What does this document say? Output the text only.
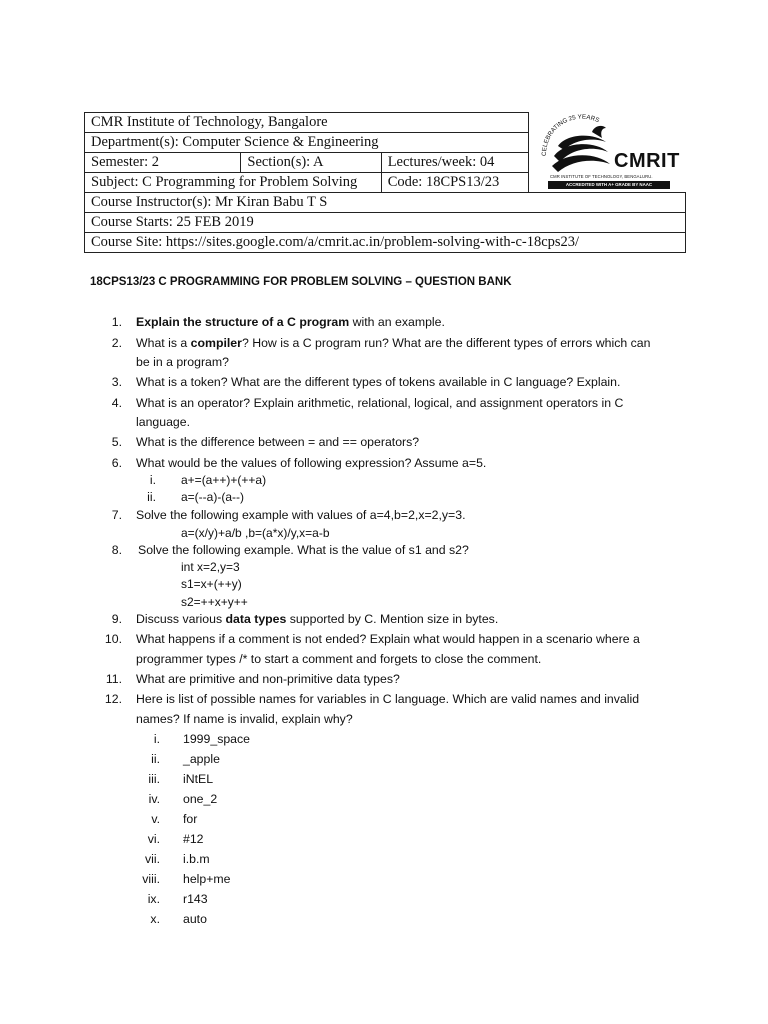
CMR Institute of Technology, Bangalore			
Department(s): Computer Science & Engineering			
Semester: 2	Section(s): A	Lectures/week: 04	
Subject: C Programming for Problem Solving		Code: 18CPS13/23	
Course Instructor(s): Mr Kiran Babu T S			
Course Starts: 25 FEB 2019			
Course Site: https://sites.google.com/a/cmrit.ac.in/problem-solving-with-c-18cps23/			
CELEBRATING 25 YEARS
CMRIT
CMR INSTITUTE OF TECHNOLOGY, BENGALURU.
ACCREDITED WITH A+ GRADE BY NAAC
18CPS13/23 C PROGRAMMING FOR PROBLEM SOLVING – QUESTION BANK
1. Explain the structure of a C program with an example.
2. What is a compiler? How is a C program run? What are the different types of errors which can
be in a program?
3. What is a token? What are the different types of tokens available in C language? Explain.
4. What is an operator? Explain arithmetic, relational, logical, and assignment operators in C
language.
5. What is the difference between = and == operators?
6. What would be the values of following expression? Assume a=5.
i. a+=(a++)+(++a)
ii. a=(--a)-(a--)
7. Solve the following example with values of a=4,b=2,x=2,y=3.
a=(x/y)+a/b ,b=(a*x)/y,x=a-b
8. Solve the following example. What is the value of s1 and s2?
int x=2,y=3
s1=x+(++y)
s2=++x+y++
9. Discuss various data types supported by C. Mention size in bytes.
10. What happens if a comment is not ended? Explain what would happen in a scenario where a
programmer types /* to start a comment and forgets to close the comment.
11. What are primitive and non-primitive data types?
12. Here is list of possible names for variables in C language. Which are valid names and invalid
names? If name is invalid, explain why?
i. 1999_space
ii. _apple
iii. iNtEL
iv. one_2
v. for
vi. #12
vii. i.b.m
viii. help+me
ix. r143
x. auto
